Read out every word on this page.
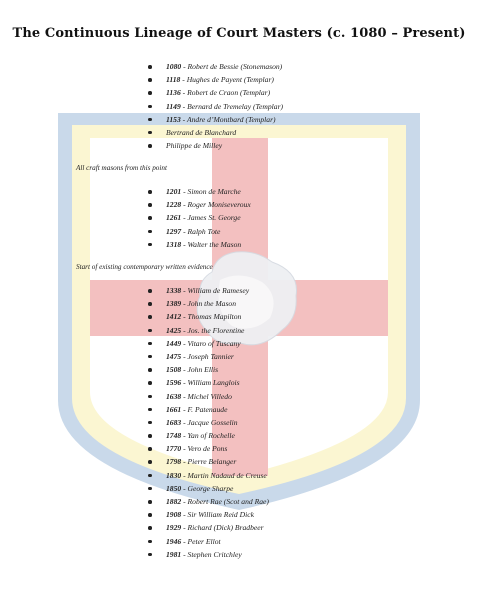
The Continuous Lineage of Court Masters (c. 1080 – Present)
1080 - Robert de Bessie (Stonemason)
1118 - Hughes de Payent (Templar)
1136 - Robert de Craon (Templar)
1149 - Bernard de Tremelay (Templar)
1153 - Andre d’Montbard (Templar)
Bertrand de Blanchard
Philippe de Milley
All craft masons from this point
1201 - Simon de Marche
1228 - Roger Moniseveroux
1261 - James St. George
1297 - Ralph Tote
1318 - Walter the Mason
Start of existing contemporary written evidence
1338 - William de Ramesey
1389 - John the Mason
1412 - Thomas Mapilton
1425 - Jos. the Florentine
1449 - Vitaro of Tuscany
1475 - Joseph Tannier
1508 - John Ellis
1596 - William Langlois
1638 - Michel Villedo
1661 - F. Patenaude
1683 - Jacque Gosselin
1748 - Yan of Rochelle
1770 - Vero de Pons
1798 - Pierre Belanger
1830 - Martin Nadaud de Creuse
1850 - George Sharpe
1882 - Robert Rae (Scot and Rae)
1908 - Sir William Reid Dick
1929 - Richard (Dick) Bradbeer
1946 - Peter Ellot
1981 - Stephen Critchley
